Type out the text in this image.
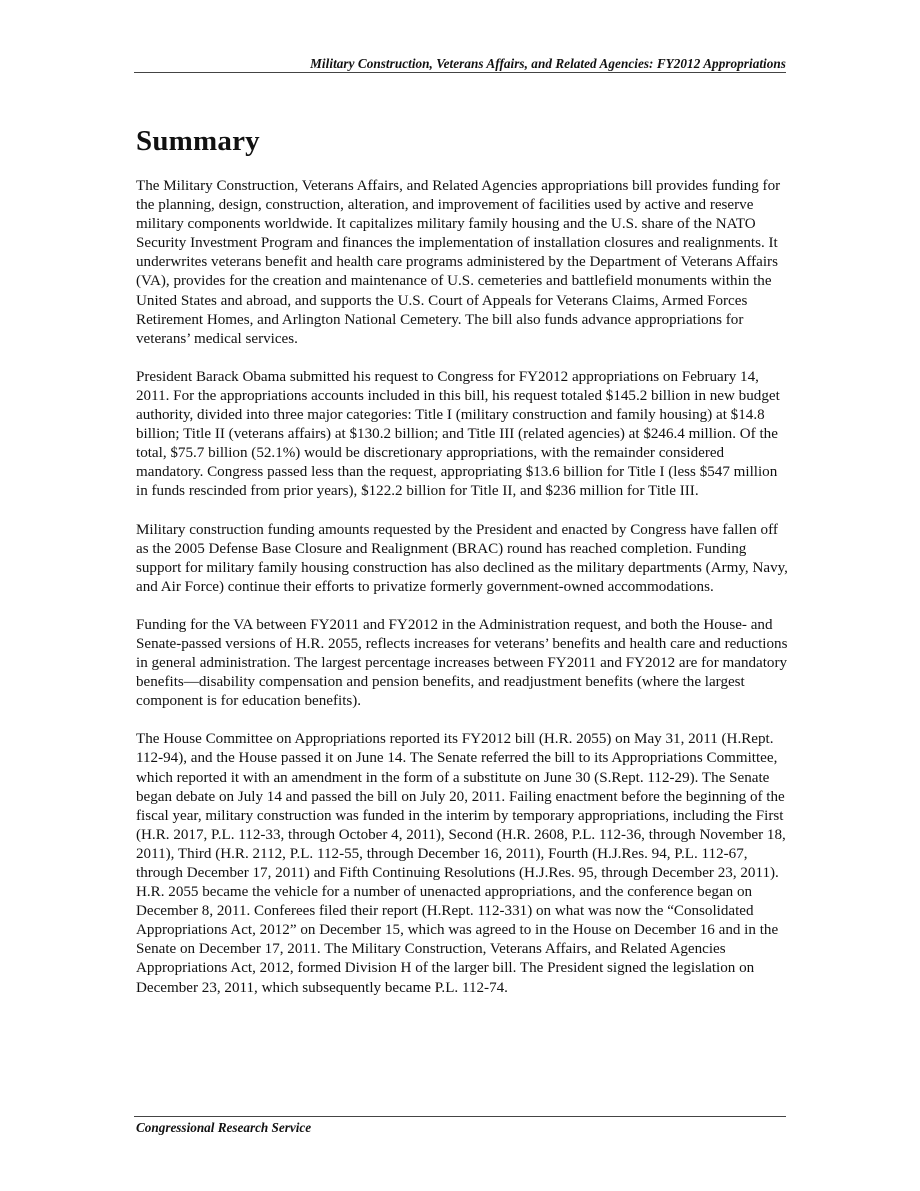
Military Construction, Veterans Affairs, and Related Agencies: FY2012 Appropriations
Summary

The Military Construction, Veterans Affairs, and Related Agencies appropriations bill provides funding for the planning, design, construction, alteration, and improvement of facilities used by active and reserve military components worldwide. It capitalizes military family housing and the U.S. share of the NATO Security Investment Program and finances the implementation of installation closures and realignments. It underwrites veterans benefit and health care programs administered by the Department of Veterans Affairs (VA), provides for the creation and maintenance of U.S. cemeteries and battlefield monuments within the United States and abroad, and supports the U.S. Court of Appeals for Veterans Claims, Armed Forces Retirement Homes, and Arlington National Cemetery. The bill also funds advance appropriations for veterans’ medical services.

President Barack Obama submitted his request to Congress for FY2012 appropriations on February 14, 2011. For the appropriations accounts included in this bill, his request totaled $145.2 billion in new budget authority, divided into three major categories: Title I (military construction and family housing) at $14.8 billion; Title II (veterans affairs) at $130.2 billion; and Title III (related agencies) at $246.4 million. Of the total, $75.7 billion (52.1%) would be discretionary appropriations, with the remainder considered mandatory. Congress passed less than the request, appropriating $13.6 billion for Title I (less $547 million in funds rescinded from prior years), $122.2 billion for Title II, and $236 million for Title III.

Military construction funding amounts requested by the President and enacted by Congress have fallen off as the 2005 Defense Base Closure and Realignment (BRAC) round has reached completion. Funding support for military family housing construction has also declined as the military departments (Army, Navy, and Air Force) continue their efforts to privatize formerly government-owned accommodations.

Funding for the VA between FY2011 and FY2012 in the Administration request, and both the House- and Senate-passed versions of H.R. 2055, reflects increases for veterans’ benefits and health care and reductions in general administration. The largest percentage increases between FY2011 and FY2012 are for mandatory benefits—disability compensation and pension benefits, and readjustment benefits (where the largest component is for education benefits).

The House Committee on Appropriations reported its FY2012 bill (H.R. 2055) on May 31, 2011 (H.Rept. 112-94), and the House passed it on June 14. The Senate referred the bill to its Appropriations Committee, which reported it with an amendment in the form of a substitute on June 30 (S.Rept. 112-29). The Senate began debate on July 14 and passed the bill on July 20, 2011. Failing enactment before the beginning of the fiscal year, military construction was funded in the interim by temporary appropriations, including the First (H.R. 2017, P.L. 112-33, through October 4, 2011), Second (H.R. 2608, P.L. 112-36, through November 18, 2011), Third (H.R. 2112, P.L. 112-55, through December 16, 2011), Fourth (H.J.Res. 94, P.L. 112-67, through December 17, 2011) and Fifth Continuing Resolutions (H.J.Res. 95, through December 23, 2011). H.R. 2055 became the vehicle for a number of unenacted appropriations, and the conference began on December 8, 2011. Conferees filed their report (H.Rept. 112-331) on what was now the “Consolidated Appropriations Act, 2012” on December 15, which was agreed to in the House on December 16 and in the Senate on December 17, 2011. The Military Construction, Veterans Affairs, and Related Agencies Appropriations Act, 2012, formed Division H of the larger bill. The President signed the legislation on December 23, 2011, which subsequently became P.L. 112-74.

Congressional Research Service
